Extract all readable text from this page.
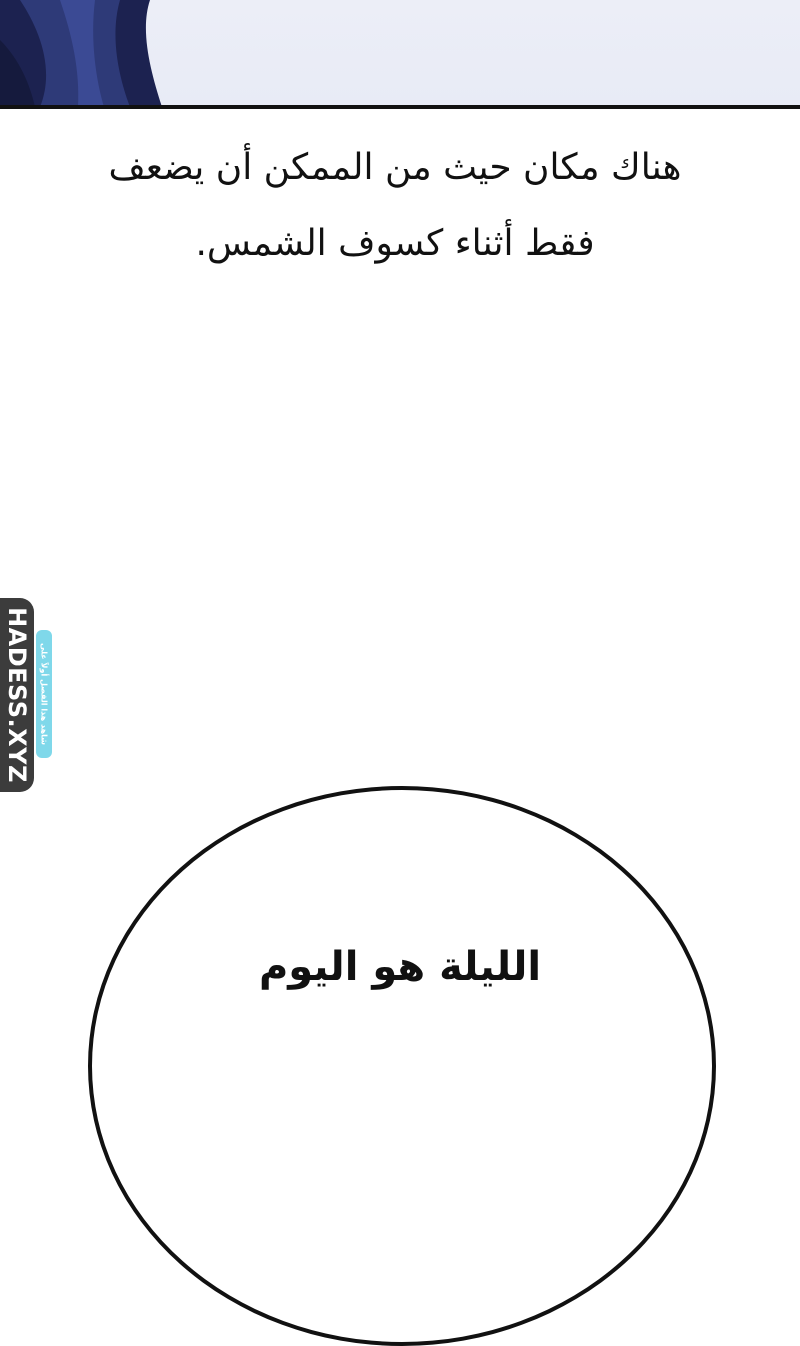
هناك مكان حيث من الممكن أن يضعف
فقط أثناء كسوف الشمس.
HADESS.XYZ شاهد هذا الفصل أولاً على
الليلة هو اليوم
